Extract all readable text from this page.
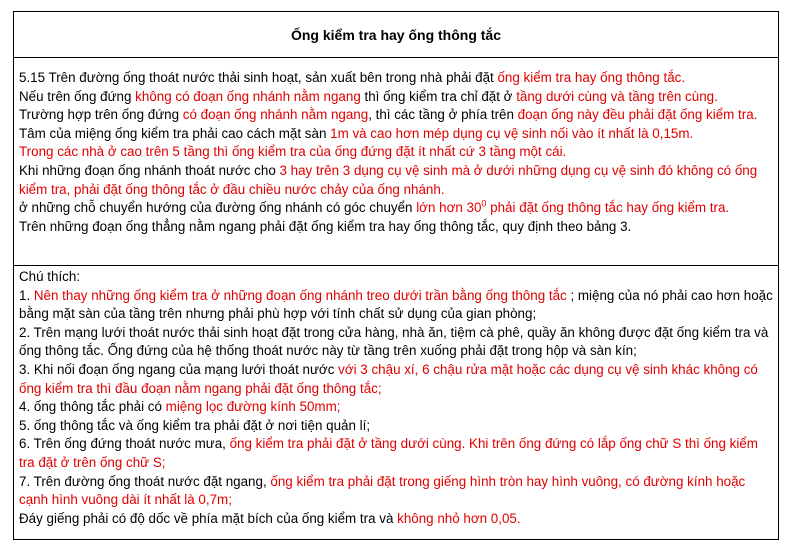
Ống kiểm tra hay ống thông tắc

5.15 Trên đường ống thoát nước thải sinh hoạt, sản xuất bên trong nhà phải đặt ống kiểm tra hay ống thông tắc.

Nếu trên ống đứng không có đoạn ống nhánh nằm ngang thì ống kiểm tra chỉ đặt ở tầng dưới cùng và tầng trên cùng.

Trường hợp trên ống đứng có đoạn ống nhánh nằm ngang, thì các tầng ở phía trên đoạn ống này đều phải đặt ống kiểm tra. Tâm của miệng ống kiểm tra phải cao cách mặt sàn 1m và cao hơn mép dụng cụ vệ sinh nối vào ít nhất là 0,15m.

Trong các nhà ở cao trên 5 tầng thì ống kiểm tra của ống đứng đặt ít nhất cứ 3 tầng một cái.

Khi những đoạn ống nhánh thoát nước cho 3 hay trên 3 dụng cụ vệ sinh mà ở dưới những dụng cụ vệ sinh đó không có ống kiểm tra, phải đặt ống thông tắc ở đầu chiều nước chảy của ống nhánh.

ở những chỗ chuyển hướng của đường ống nhánh có góc chuyển lớn hơn $30^0$ phải đặt ống thông tắc hay ống kiểm tra.

Trên những đoạn ống thẳng nằm ngang phải đặt ống kiểm tra hay ống thông tắc, quy định theo bảng 3.

Chú thích:

1. Nên thay những ống kiểm tra ở những đoạn ống nhánh treo dưới trần bằng ống thông tắc ; miệng của nó phải cao hơn hoặc bằng mặt sàn của tầng trên nhưng phải phù hợp với tính chất sử dụng của gian phòng;

2. Trên mạng lưới thoát nước thải sinh hoạt đặt trong cửa hàng, nhà ăn, tiệm cà phê, quầy ăn không được đặt ống kiểm tra và ống thông tắc. Ống đứng của hệ thống thoát nước này từ tầng trên xuống phải đặt trong hộp và sàn kín;

3. Khi nối đoạn ống ngang của mạng lưới thoát nước với 3 chậu xí, 6 chậu rửa mặt hoặc các dụng cụ vệ sinh khác không có ống kiểm tra thì đầu đoạn nằm ngang phải đặt ống thông tắc;

4. ống thông tắc phải có miệng lọc đường kính 50mm;

5. ống thông tắc và ống kiểm tra phải đặt ở nơi tiện quản lí;

6. Trên ống đứng thoát nước mưa, ống kiểm tra phải đặt ở tầng dưới cùng. Khi trên ống đứng có lắp ống chữ S thì ống kiểm tra đặt ở trên ống chữ S;

7. Trên đường ống thoát nước đặt ngang, ống kiểm tra phải đặt trong giếng hình tròn hay hình vuông, có đường kính hoặc cạnh hình vuông dài ít nhất là 0,7m;

Đáy giếng phải có độ dốc về phía mặt bích của ống kiểm tra và không nhỏ hơn 0,05.
